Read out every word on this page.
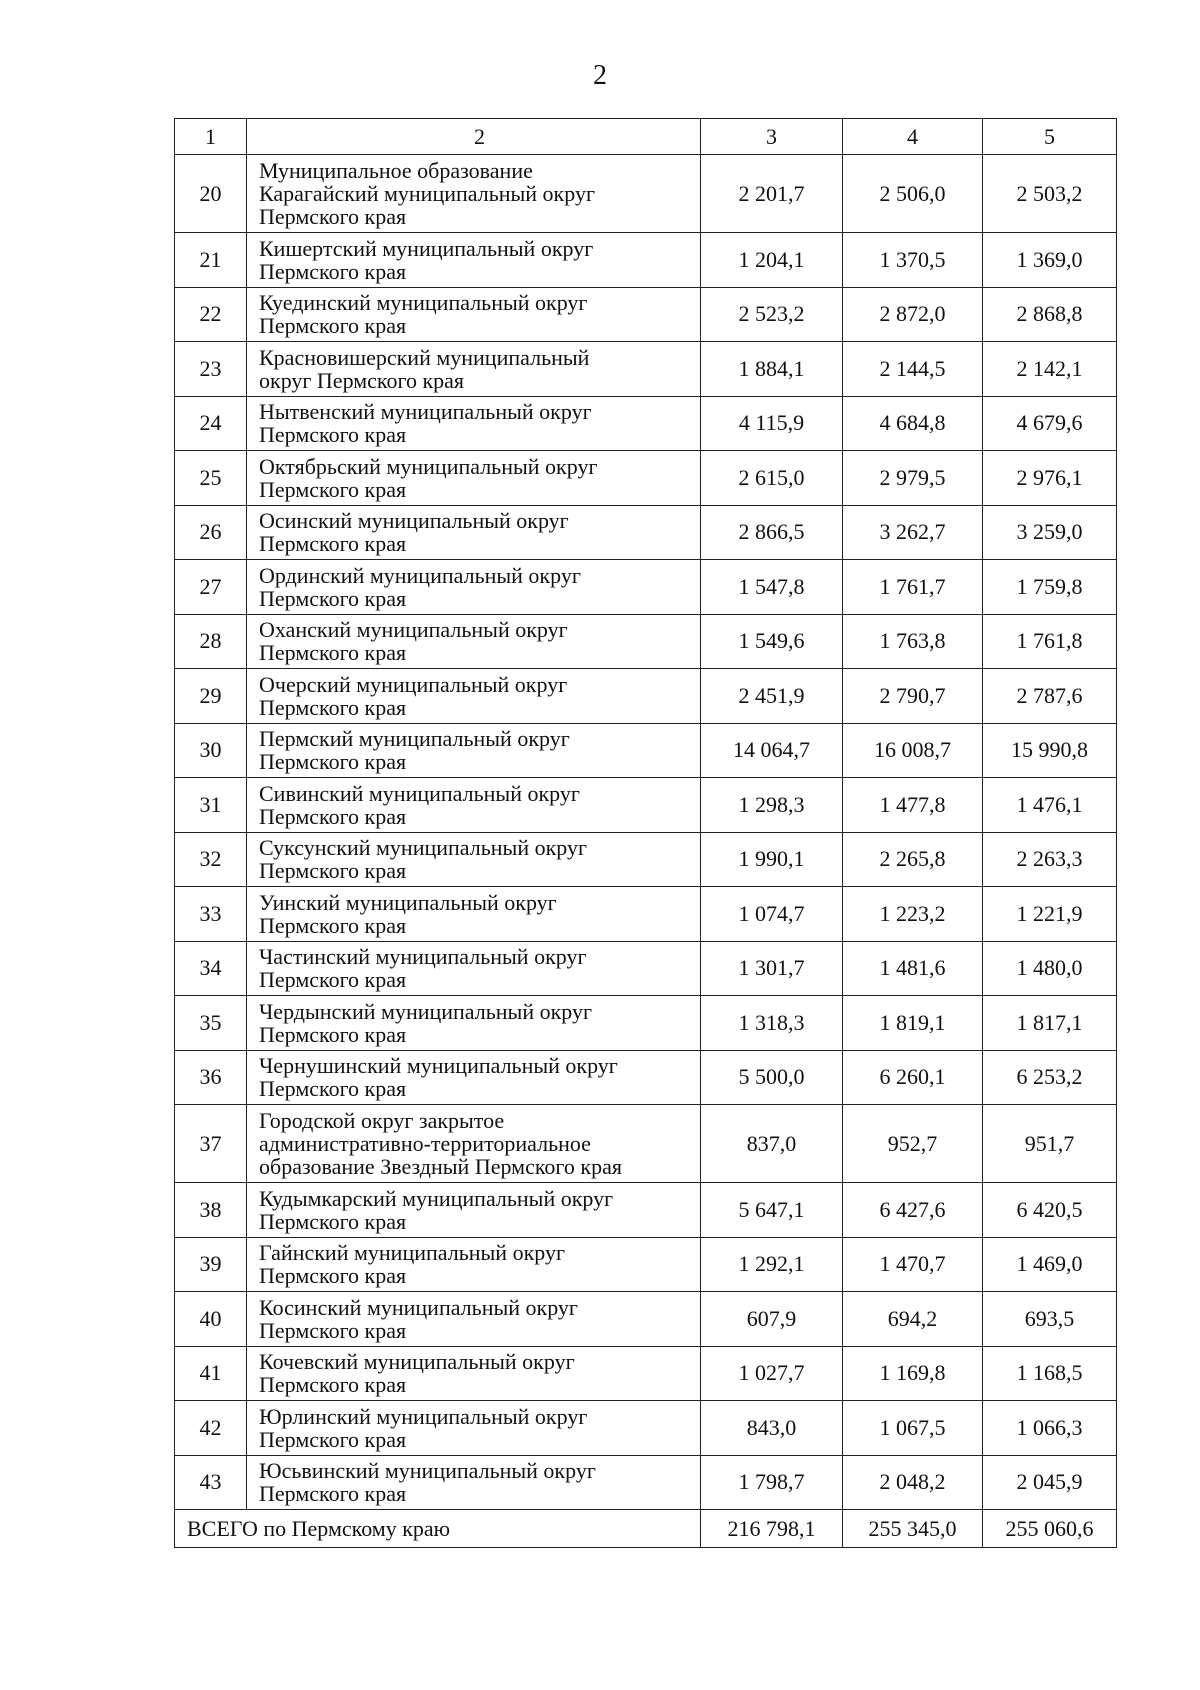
2
1	2	3	4	5
20	Муниципальное образование
Карагайский муниципальный округ
Пермского края	2 201,7	2 506,0	2 503,2
21	Кишертский муниципальный округ
Пермского края	1 204,1	1 370,5	1 369,0
22	Куединский муниципальный округ
Пермского края	2 523,2	2 872,0	2 868,8
23	Красновишерский муниципальный
округ Пермского края	1 884,1	2 144,5	2 142,1
24	Нытвенский муниципальный округ
Пермского края	4 115,9	4 684,8	4 679,6
25	Октябрьский муниципальный округ
Пермского края	2 615,0	2 979,5	2 976,1
26	Осинский муниципальный округ
Пермского края	2 866,5	3 262,7	3 259,0
27	Ординский муниципальный округ
Пермского края	1 547,8	1 761,7	1 759,8
28	Оханский муниципальный округ
Пермского края	1 549,6	1 763,8	1 761,8
29	Очерский муниципальный округ
Пермского края	2 451,9	2 790,7	2 787,6
30	Пермский муниципальный округ
Пермского края	14 064,7	16 008,7	15 990,8
31	Сивинский муниципальный округ
Пермского края	1 298,3	1 477,8	1 476,1
32	Суксунский муниципальный округ
Пермского края	1 990,1	2 265,8	2 263,3
33	Уинский муниципальный округ
Пермского края	1 074,7	1 223,2	1 221,9
34	Частинский муниципальный округ
Пермского края	1 301,7	1 481,6	1 480,0
35	Чердынский муниципальный округ
Пермского края	1 318,3	1 819,1	1 817,1
36	Чернушинский муниципальный округ
Пермского края	5 500,0	6 260,1	6 253,2
37	Городской округ закрытое
административно-территориальное
образование Звездный Пермского края	837,0	952,7	951,7
38	Кудымкарский муниципальный округ
Пермского края	5 647,1	6 427,6	6 420,5
39	Гайнский муниципальный округ
Пермского края	1 292,1	1 470,7	1 469,0
40	Косинский муниципальный округ
Пермского края	607,9	694,2	693,5
41	Кочевский муниципальный округ
Пермского края	1 027,7	1 169,8	1 168,5
42	Юрлинский муниципальный округ
Пермского края	843,0	1 067,5	1 066,3
43	Юсьвинский муниципальный округ
Пермского края	1 798,7	2 048,2	2 045,9
ВСЕГО по Пермскому краю		216 798,1	255 345,0	255 060,6
